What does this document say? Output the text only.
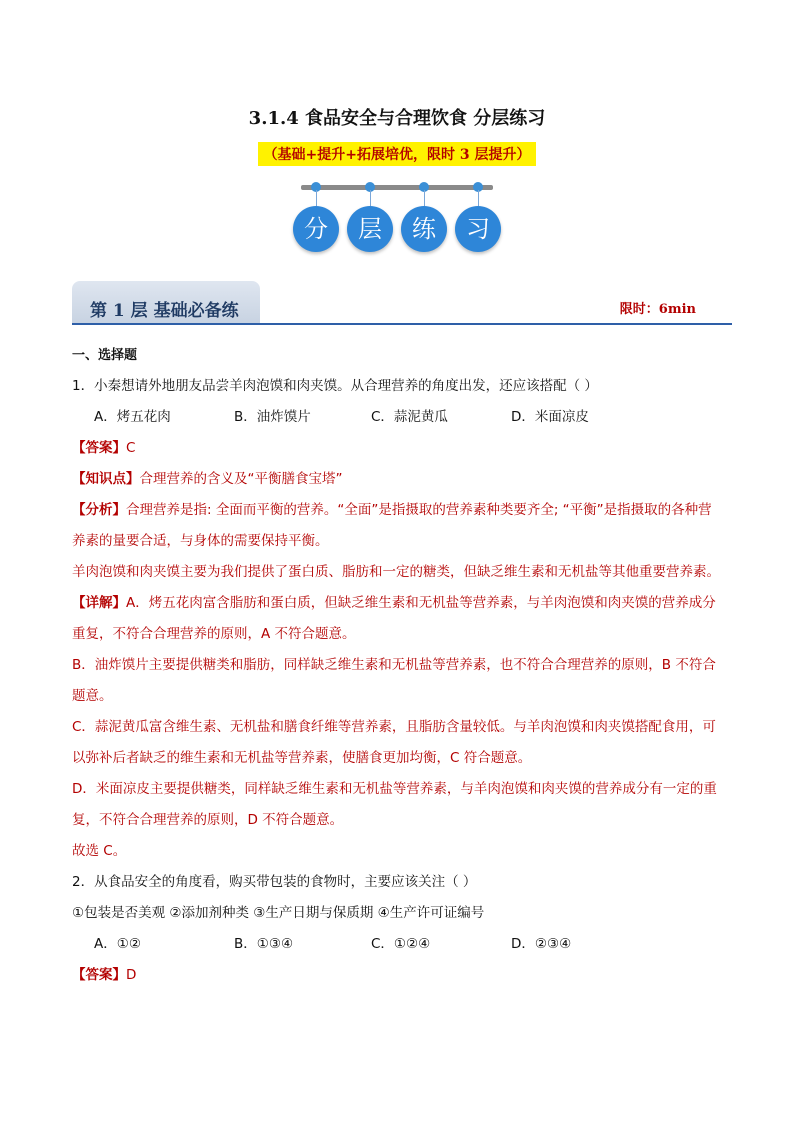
3.1.4 食品安全与合理饮食 分层练习
（基础+提升+拓展培优，限时 3 层提升）
分	层	练	习
第 1 层 基础必备练	限时：6min
一、选择题
1．小秦想请外地朋友品尝羊肉泡馍和肉夹馍。从合理营养的角度出发，还应该搭配（ ）
A．烤五花肉	B．油炸馍片	C．蒜泥黄瓜	D．米面凉皮
【答案】C
【知识点】合理营养的含义及“平衡膳食宝塔”

【分析】合理营养是指: 全面而平衡的营养。“全面”是指摄取的营养素种类要齐全; “平衡”是指摄取的各种营养素的量要合适，与身体的需要保持平衡。

羊肉泡馍和肉夹馍主要为我们提供了蛋白质、脂肪和一定的糖类，但缺乏维生素和无机盐等其他重要营养素。

【详解】A．烤五花肉富含脂肪和蛋白质，但缺乏维生素和无机盐等营养素，与羊肉泡馍和肉夹馍的营养成分重复，不符合合理营养的原则，A 不符合题意。

B．油炸馍片主要提供糖类和脂肪，同样缺乏维生素和无机盐等营养素，也不符合合理营养的原则，B 不符合题意。

C．蒜泥黄瓜富含维生素、无机盐和膳食纤维等营养素，且脂肪含量较低。与羊肉泡馍和肉夹馍搭配食用，可以弥补后者缺乏的维生素和无机盐等营养素，使膳食更加均衡，C 符合题意。

D．米面凉皮主要提供糖类，同样缺乏维生素和无机盐等营养素，与羊肉泡馍和肉夹馍的营养成分有一定的重复，不符合合理营养的原则，D 不符合题意。

故选 C。
2．从食品安全的角度看，购买带包装的食物时，主要应该关注（ ）
①包装是否美观 ②添加剂种类 ③生产日期与保质期 ④生产许可证编号
A．①②	B．①③④	C．①②④	D．②③④
【答案】D
